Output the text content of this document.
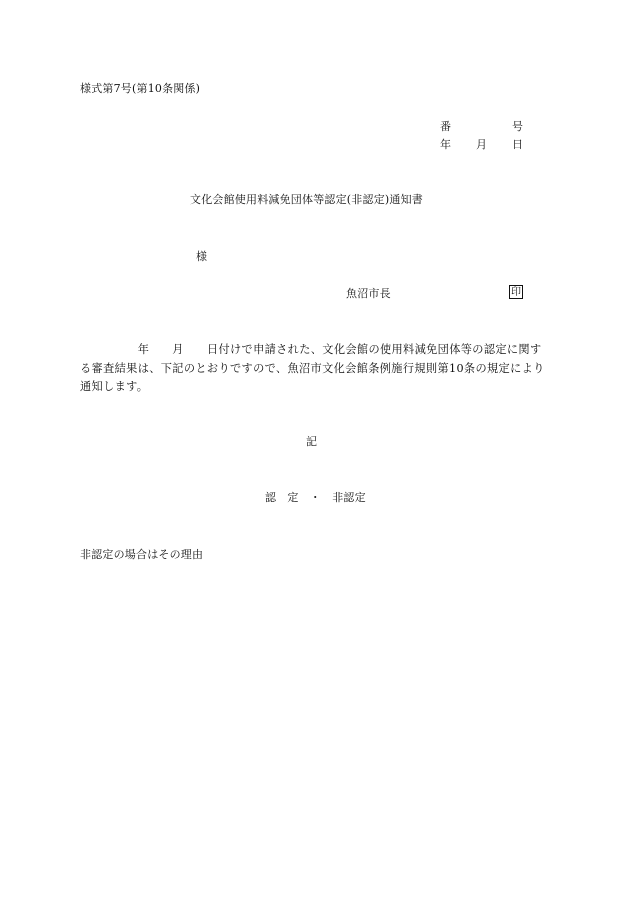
様式第7号(第10条関係)
番	号
年 月 日
文化会館使用料減免団体等認定(非認定)通知書
様
魚沼市長	印
　　　　　年　　月　　日付けで申請された、文化会館の使用料減免団体等の認定に関す
る審査結果は、下記のとおりですので、魚沼市文化会館条例施行規則第10条の規定により
通知します。
記
認　定　・　非認定
非認定の場合はその理由
